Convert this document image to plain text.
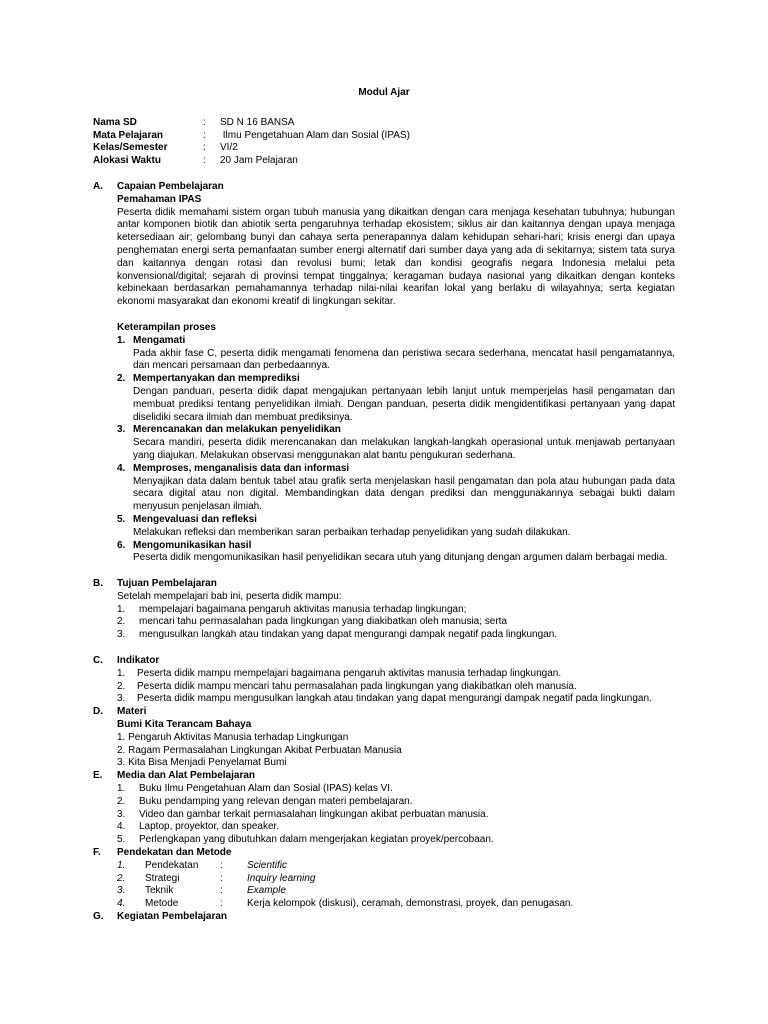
Modul Ajar
Nama SD	: SD N 16 BANSA
Mata Pelajaran	: Ilmu Pengetahuan Alam dan Sosial (IPAS)
Kelas/Semester	: VI/2
Alokasi Waktu	: 20 Jam Pelajaran
A. Capaian Pembelajaran
Pemahaman IPAS
Peserta didik memahami sistem organ tubuh manusia yang dikaitkan dengan cara menjaga kesehatan tubuhnya; hubungan antar komponen biotik dan abiotik serta pengaruhnya terhadap ekosistem; siklus air dan kaitannya dengan upaya menjaga ketersediaan air; gelombang bunyi dan cahaya serta penerapannya dalam kehidupan sehari-hari; krisis energi dan upaya penghematan energi serta pemanfaatan sumber energi alternatif dari sumber daya yang ada di sekitarnya; sistem tata surya dan kaitannya dengan rotasi dan revolusi bumi; letak dan kondisi geografis negara Indonesia melalui peta konvensional/digital; sejarah di provinsi tempat tinggalnya; keragaman budaya nasional yang dikaitkan dengan konteks kebinekaan berdasarkan pemahamannya terhadap nilai-nilai kearifan lokal yang berlaku di wilayahnya; serta kegiatan ekonomi masyarakat dan ekonomi kreatif di lingkungan sekitar.
Keterampilan proses
1. Mengamati
Pada akhir fase C, peserta didik mengamati fenomena dan peristiwa secara sederhana, mencatat hasil pengamatannya, dan mencari persamaan dan perbedaannya.
2. Mempertanyakan dan memprediksi
Dengan panduan, peserta didik dapat mengajukan pertanyaan lebih lanjut untuk memperjelas hasil pengamatan dan membuat prediksi tentang penyelidikan ilmiah. Dengan panduan, peserta didik mengidentifikasi pertanyaan yang dapat diselidiki secara ilmiah dan membuat prediksinya.
3. Merencanakan dan melakukan penyelidikan
Secara mandiri, peserta didik merencanakan dan melakukan langkah-langkah operasional untuk menjawab pertanyaan yang diajukan. Melakukan observasi menggunakan alat bantu pengukuran sederhana.
4. Memproses, menganalisis data dan informasi
Menyajikan data dalam bentuk tabel atau grafik serta menjelaskan hasil pengamatan dan pola atau hubungan pada data secara digital atau non digital. Membandingkan data dengan prediksi dan menggunakannya sebagai bukti dalam menyusun penjelasan ilmiah.
5. Mengevaluasi dan refleksi
Melakukan refleksi dan memberikan saran perbaikan terhadap penyelidikan yang sudah dilakukan.
6. Mengomunikasikan hasil
Peserta didik mengomunikasikan hasil penyelidikan secara utuh yang ditunjang dengan argumen dalam berbagai media.
B. Tujuan Pembelajaran
Setelah mempelajari bab ini, peserta didik mampu:
1. mempelajari bagaimana pengaruh aktivitas manusia terhadap lingkungan;
2. mencari tahu permasalahan pada lingkungan yang diakibatkan oleh manusia; serta
3. mengusulkan langkah atau tindakan yang dapat mengurangi dampak negatif pada lingkungan.
C. Indikator
1. Peserta didik mampu mempelajari bagaimana pengaruh aktivitas manusia terhadap lingkungan.
2. Peserta didik mampu mencari tahu permasalahan pada lingkungan yang diakibatkan oleh manusia.
3. Peserta didik mampu mengusulkan langkah atau tindakan yang dapat mengurangi dampak negatif pada lingkungan.
D. Materi
Bumi Kita Terancam Bahaya
1. Pengaruh Aktivitas Manusia terhadap Lingkungan
2. Ragam Permasalahan Lingkungan Akibat Perbuatan Manusia
3. Kita Bisa Menjadi Penyelamat Bumi
E. Media dan Alat Pembelajaran
1. Buku Ilmu Pengetahuan Alam dan Sosial (IPAS) kelas VI.
2. Buku pendamping yang relevan dengan materi pembelajaran.
3. Video dan gambar terkait permasalahan lingkungan akibat perbuatan manusia.
4. Laptop, proyektor, dan speaker.
5. Perlengkapan yang dibutuhkan dalam mengerjakan kegiatan proyek/percobaan.
F. Pendekatan dan Metode
1. Pendekatan : Scientific
2. Strategi	: Inquiry learning
3. Teknik	: Example
4. Metode	: Kerja kelompok (diskusi), ceramah, demonstrasi, proyek, dan penugasan.
G. Kegiatan Pembelajaran
